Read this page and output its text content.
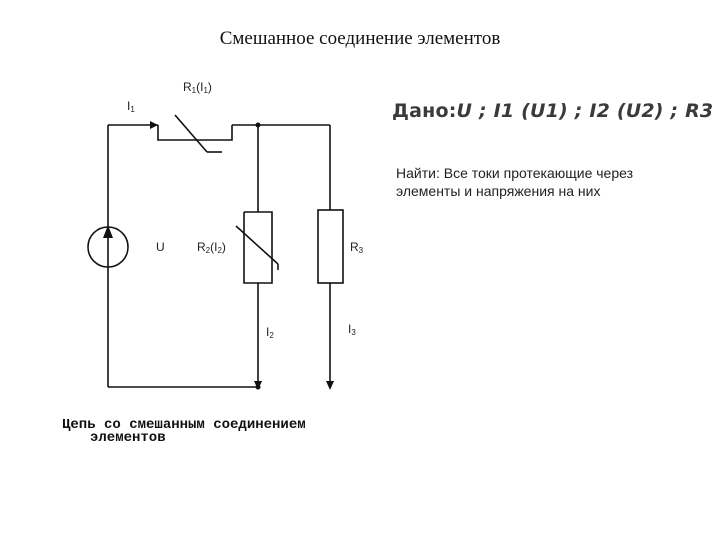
Смешанное соединение элементов
Дано:U ; I1 (U1) ; I2 (U2) ; R3
Найти: Все токи протекающие через элементы и напряжения на них
Цепь со смешанным соединением
элементов
I1
R1(I1)
U	R2(I2)	R3
I2	I3
